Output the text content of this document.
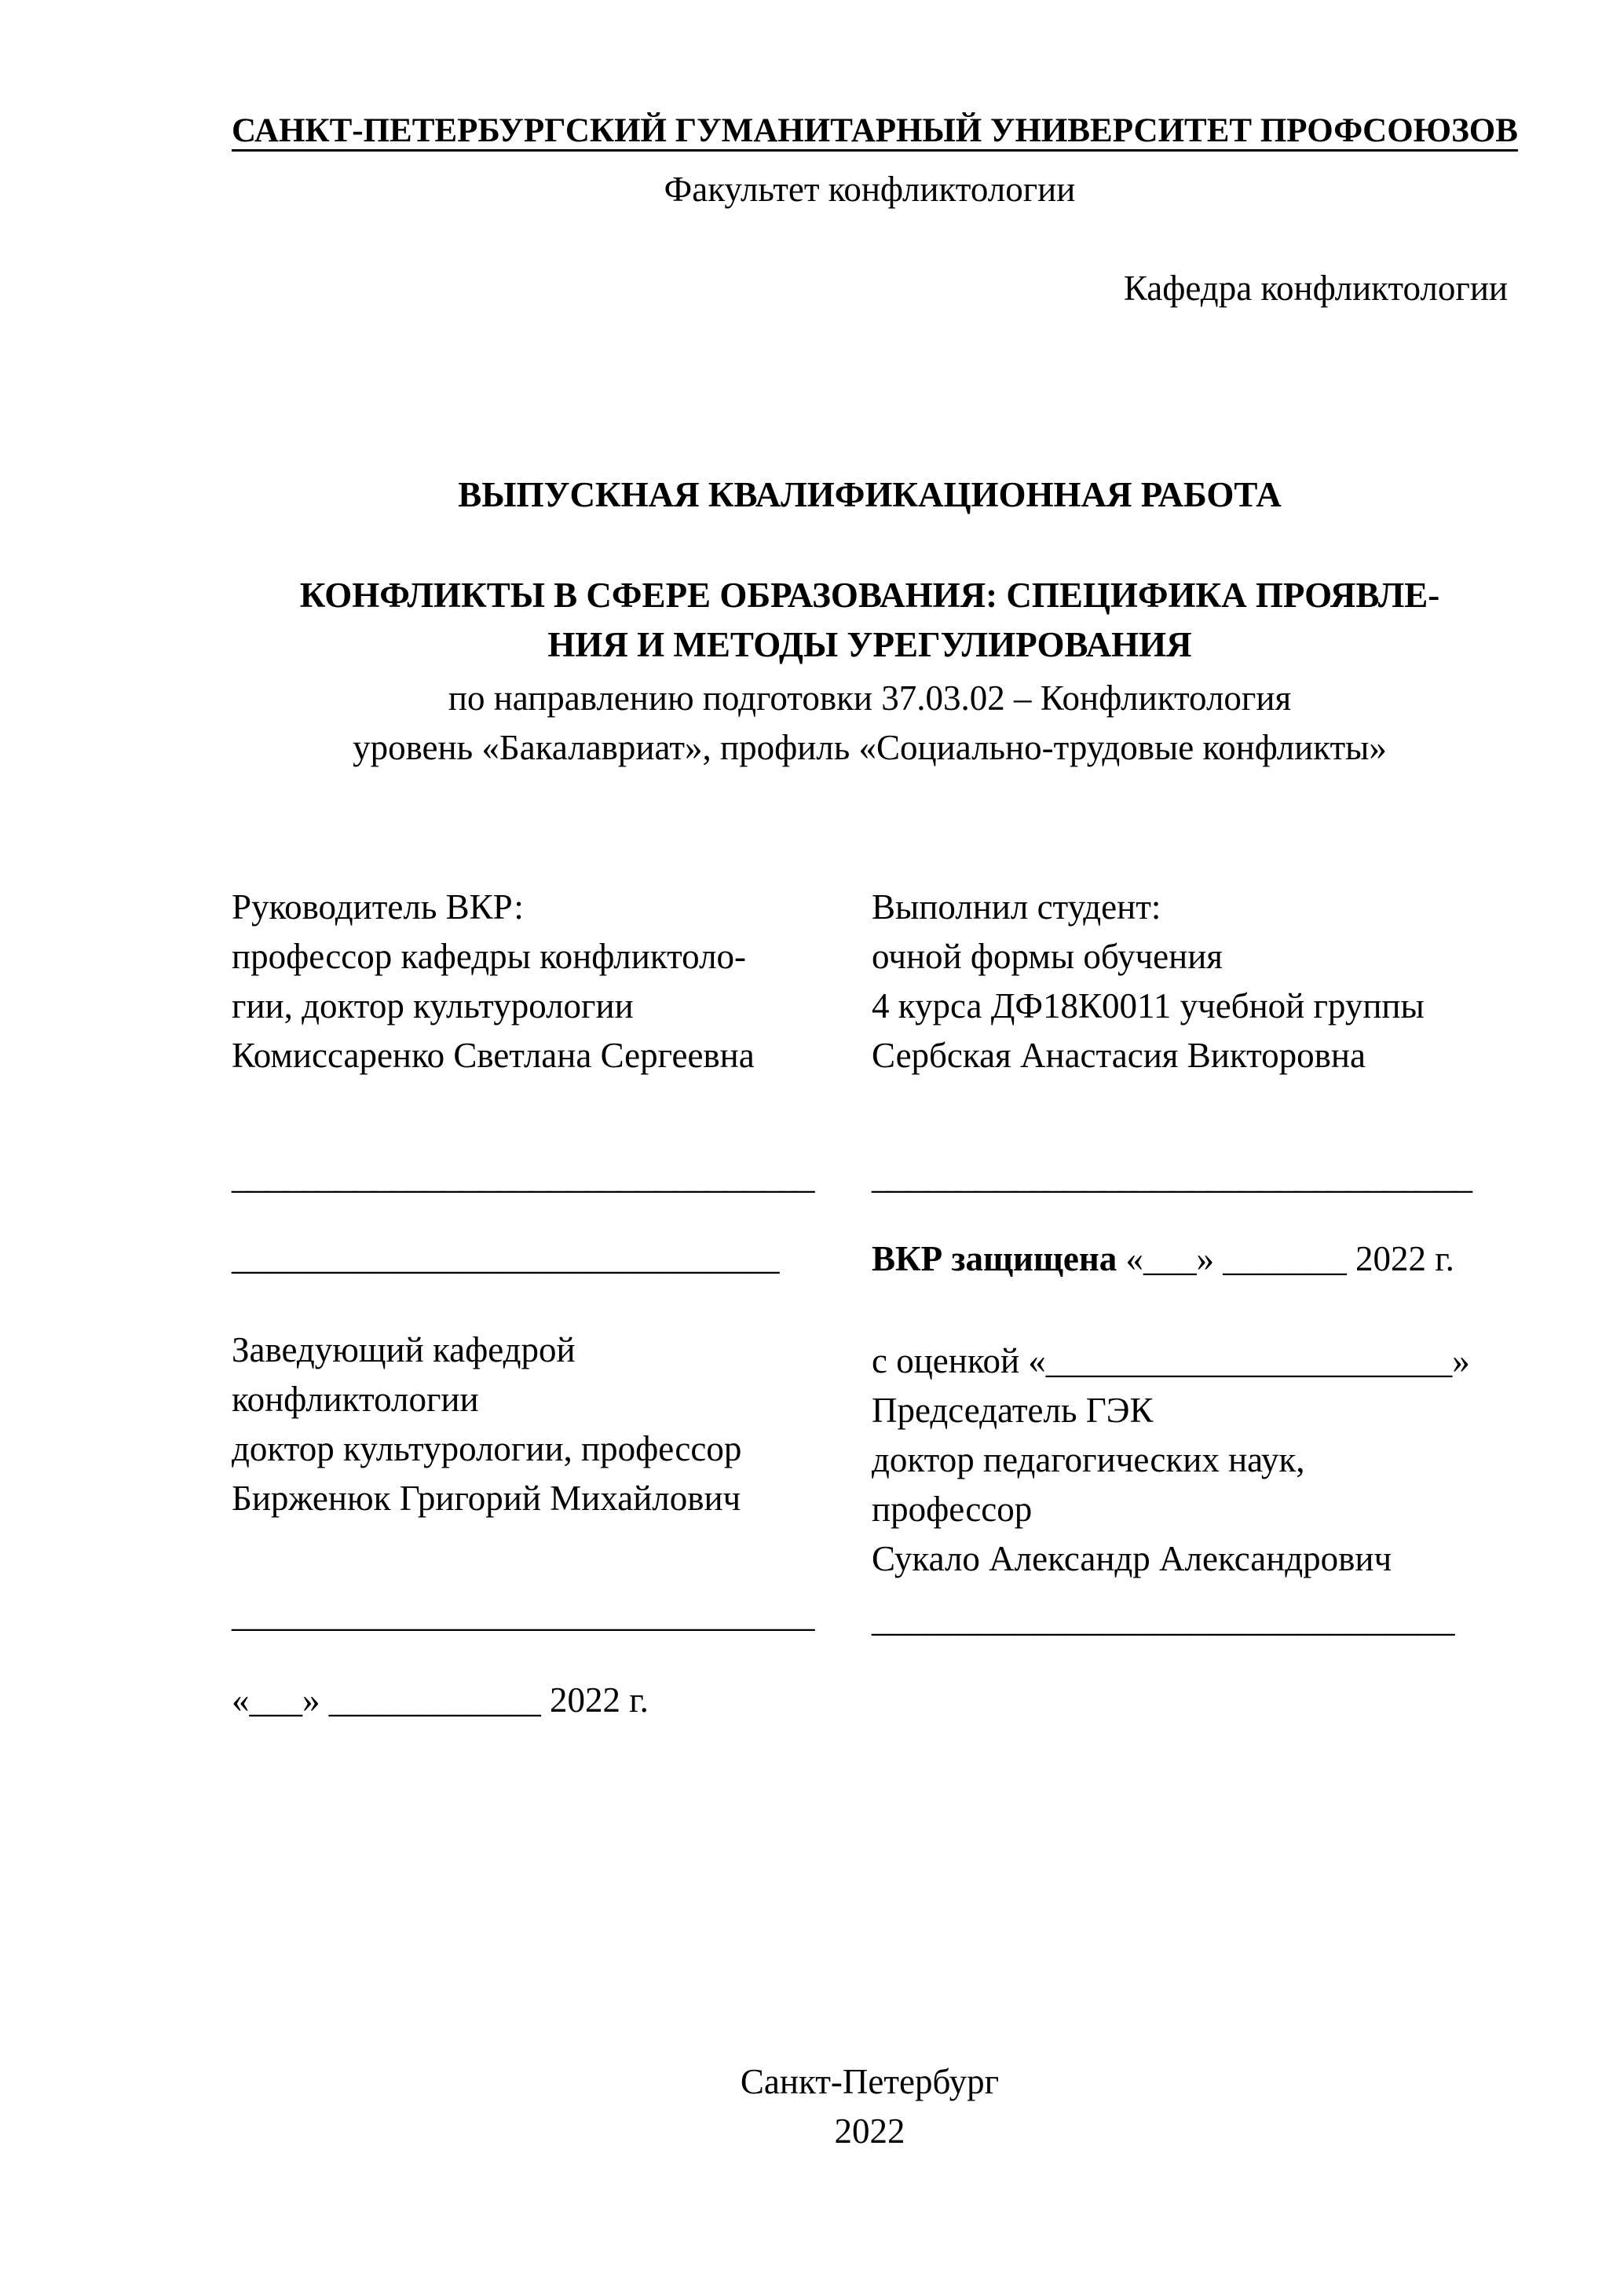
САНКТ-ПЕТЕРБУРГСКИЙ ГУМАНИТАРНЫЙ УНИВЕРСИТЕТ ПРОФСОЮЗОВ
Факультет конфликтологии
Кафедра конфликтологии
ВЫПУСКНАЯ КВАЛИФИКАЦИОННАЯ РАБОТА
КОНФЛИКТЫ В СФЕРЕ ОБРАЗОВАНИЯ: СПЕЦИФИКА ПРОЯВЛЕ-
НИЯ И МЕТОДЫ УРЕГУЛИРОВАНИЯ
по направлению подготовки 37.03.02 – Конфликтология
уровень «Бакалавриат», профиль «Социально-трудовые конфликты»
Руководитель ВКР:
профессор кафедры конфликтоло-
гии, доктор культурологии
Комиссаренко Светлана Сергеевна
_________________________________
_______________________________
Заведующий кафедрой
конфликтологии
доктор культурологии, профессор
Бирженюк Григорий Михайлович
_________________________________
«___» ____________ 2022 г.
Выполнил студент:
очной формы обучения
4 курса ДФ18К0011 учебной группы
Сербская Анастасия Викторовна
__________________________________
ВКР защищена «___» _______ 2022 г.
с оценкой «_______________________»
Председатель ГЭК
доктор педагогических наук,
профессор
Сукало Александр Александрович
_________________________________
Санкт-Петербург
2022
